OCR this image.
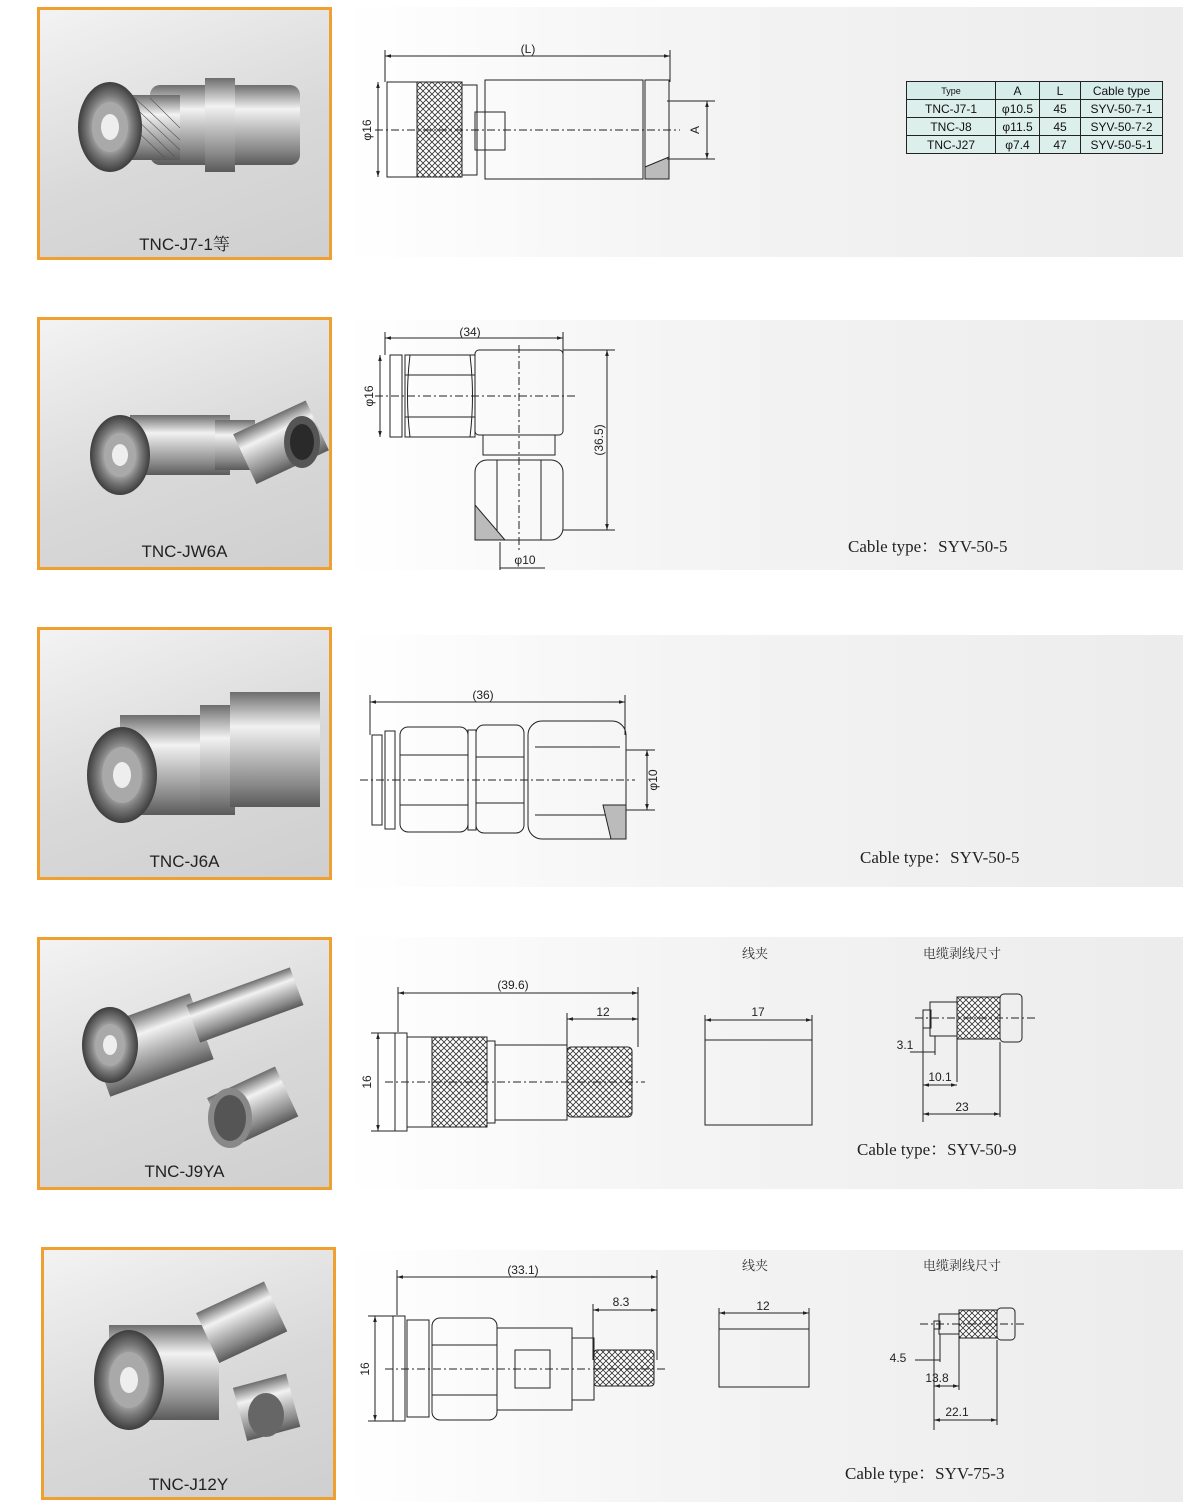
TNC-J7-1等
(L)
φ16	A
Type	A	L	Cable type
TNC-J7-1	φ10.5	45	SYV-50-7-1
TNC-J8	φ11.5	45	SYV-50-7-2
TNC-J27	φ7.4	47	SYV-50-5-1
TNC-JW6A
(34)
φ16
(36.5)
φ10
Cable type：SYV-50-5
TNC-J6A
(36)
φ10
Cable type：SYV-50-5
TNC-J9YA
(39.6)
12
16
17
3.1
10.1
23
线夹	电缆剥线尺寸
Cable type：SYV-50-9
TNC-J12Y
(33.1)
8.3
16
12
4.5
13.8
22.1
线夹	电缆剥线尺寸
Cable type：SYV-75-3
